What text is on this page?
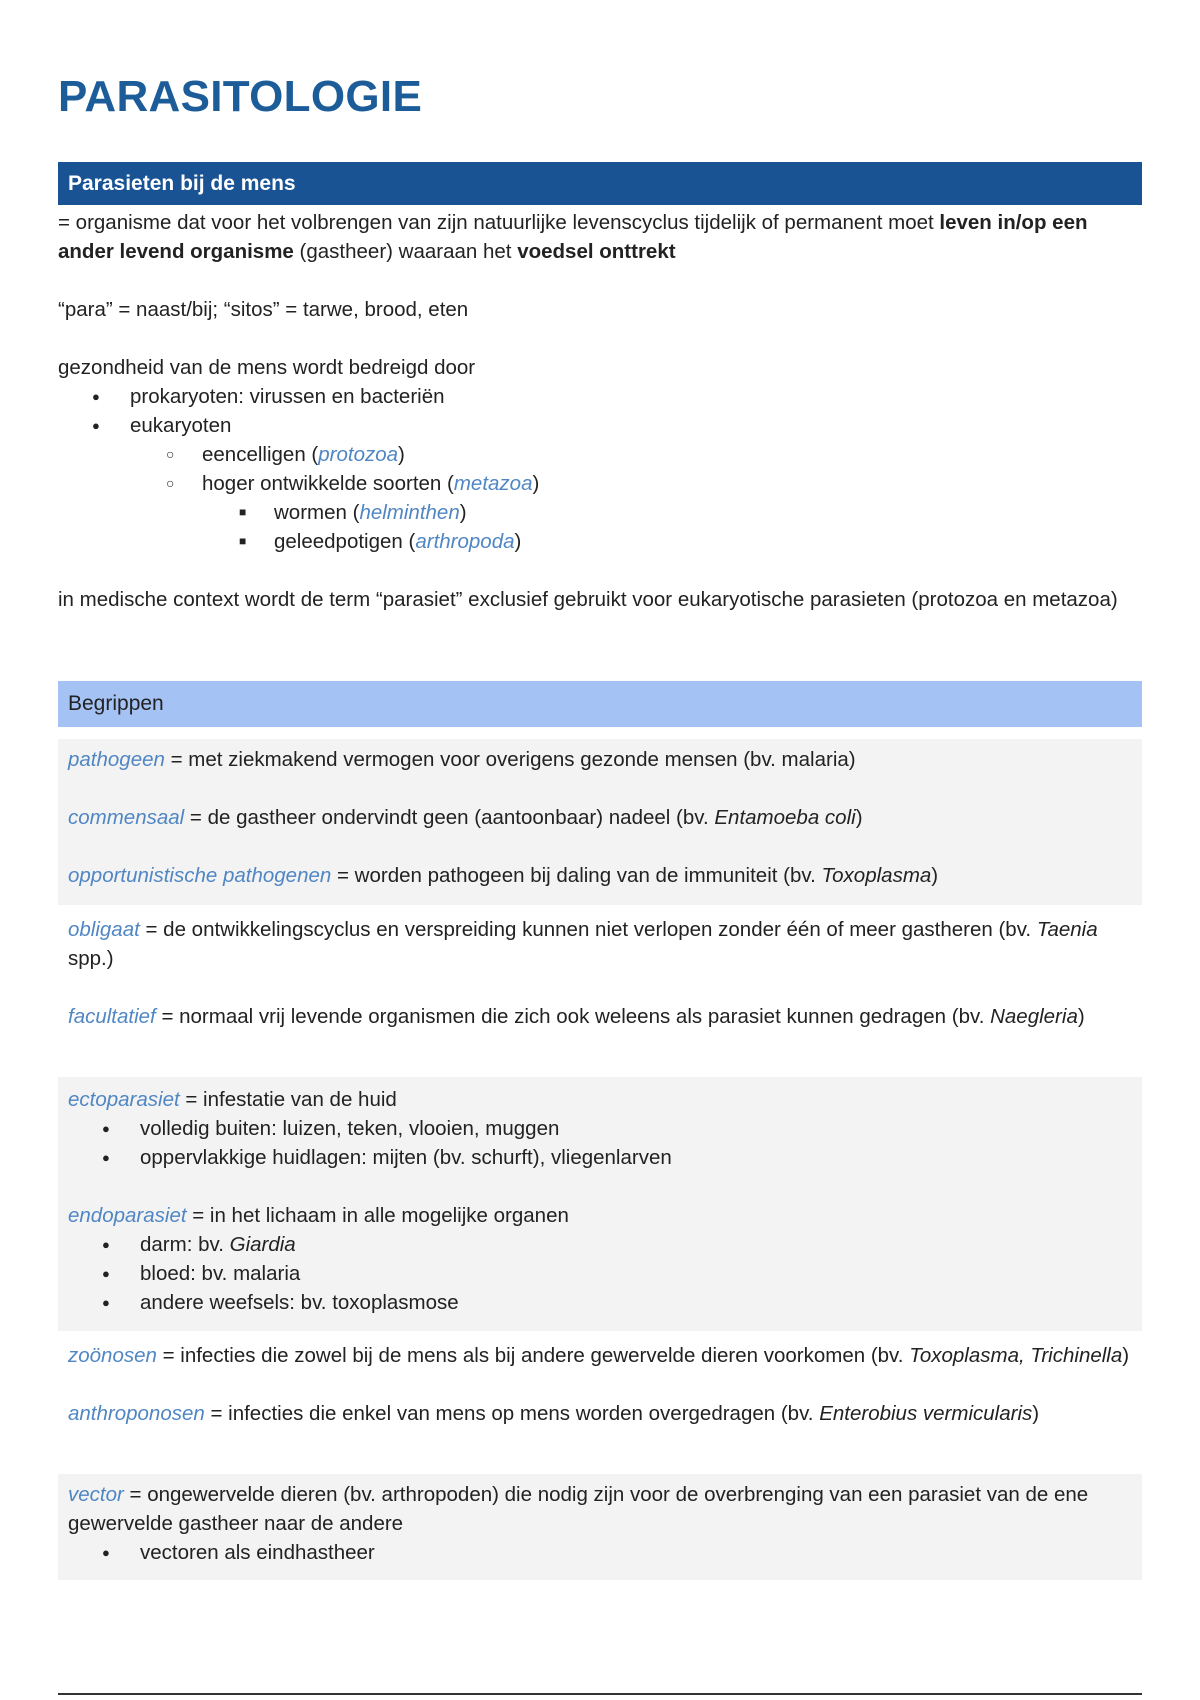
PARASITOLOGIE
Parasieten bij de mens

= organisme dat voor het volbrengen van zijn natuurlijke levenscyclus tijdelijk of permanent moet leven in/op een ander levend organisme (gastheer) waaraan het voedsel onttrekt

“para” = naast/bij; “sitos” = tarwe, brood, eten

gezondheid van de mens wordt bedreigd door

● prokaryoten: virussen en bacteriën
● eukaryoten
○ eencelligen (protozoa)
○ hoger ontwikkelde soorten (metazoa)
■ wormen (helminthen)
■ geleedpotigen (arthropoda)

in medische context wordt de term “parasiet” exclusief gebruikt voor eukaryotische parasieten (protozoa en metazoa)

Begrippen

pathogeen = met ziekmakend vermogen voor overigens gezonde mensen (bv. malaria)

commensaal = de gastheer ondervindt geen (aantoonbaar) nadeel (bv. Entamoeba coli)

opportunistische pathogenen = worden pathogeen bij daling van de immuniteit (bv. Toxoplasma)

obligaat = de ontwikkelingscyclus en verspreiding kunnen niet verlopen zonder één of meer gastheren (bv. Taenia spp.)

facultatief = normaal vrij levende organismen die zich ook weleens als parasiet kunnen gedragen (bv. Naegleria)

ectoparasiet = infestatie van de huid

● volledig buiten: luizen, teken, vlooien, muggen
● oppervlakkige huidlagen: mijten (bv. schurft), vliegenlarven

endoparasiet = in het lichaam in alle mogelijke organen

● darm: bv. Giardia
● bloed: bv. malaria
● andere weefsels: bv. toxoplasmose

zoönosen = infecties die zowel bij de mens als bij andere gewervelde dieren voorkomen (bv. Toxoplasma, Trichinella)

anthroponosen = infecties die enkel van mens op mens worden overgedragen (bv. Enterobius vermicularis)

vector = ongewervelde dieren (bv. arthropoden) die nodig zijn voor de overbrenging van een parasiet van de ene gewervelde gastheer naar de andere

● vectoren als eindhastheer
